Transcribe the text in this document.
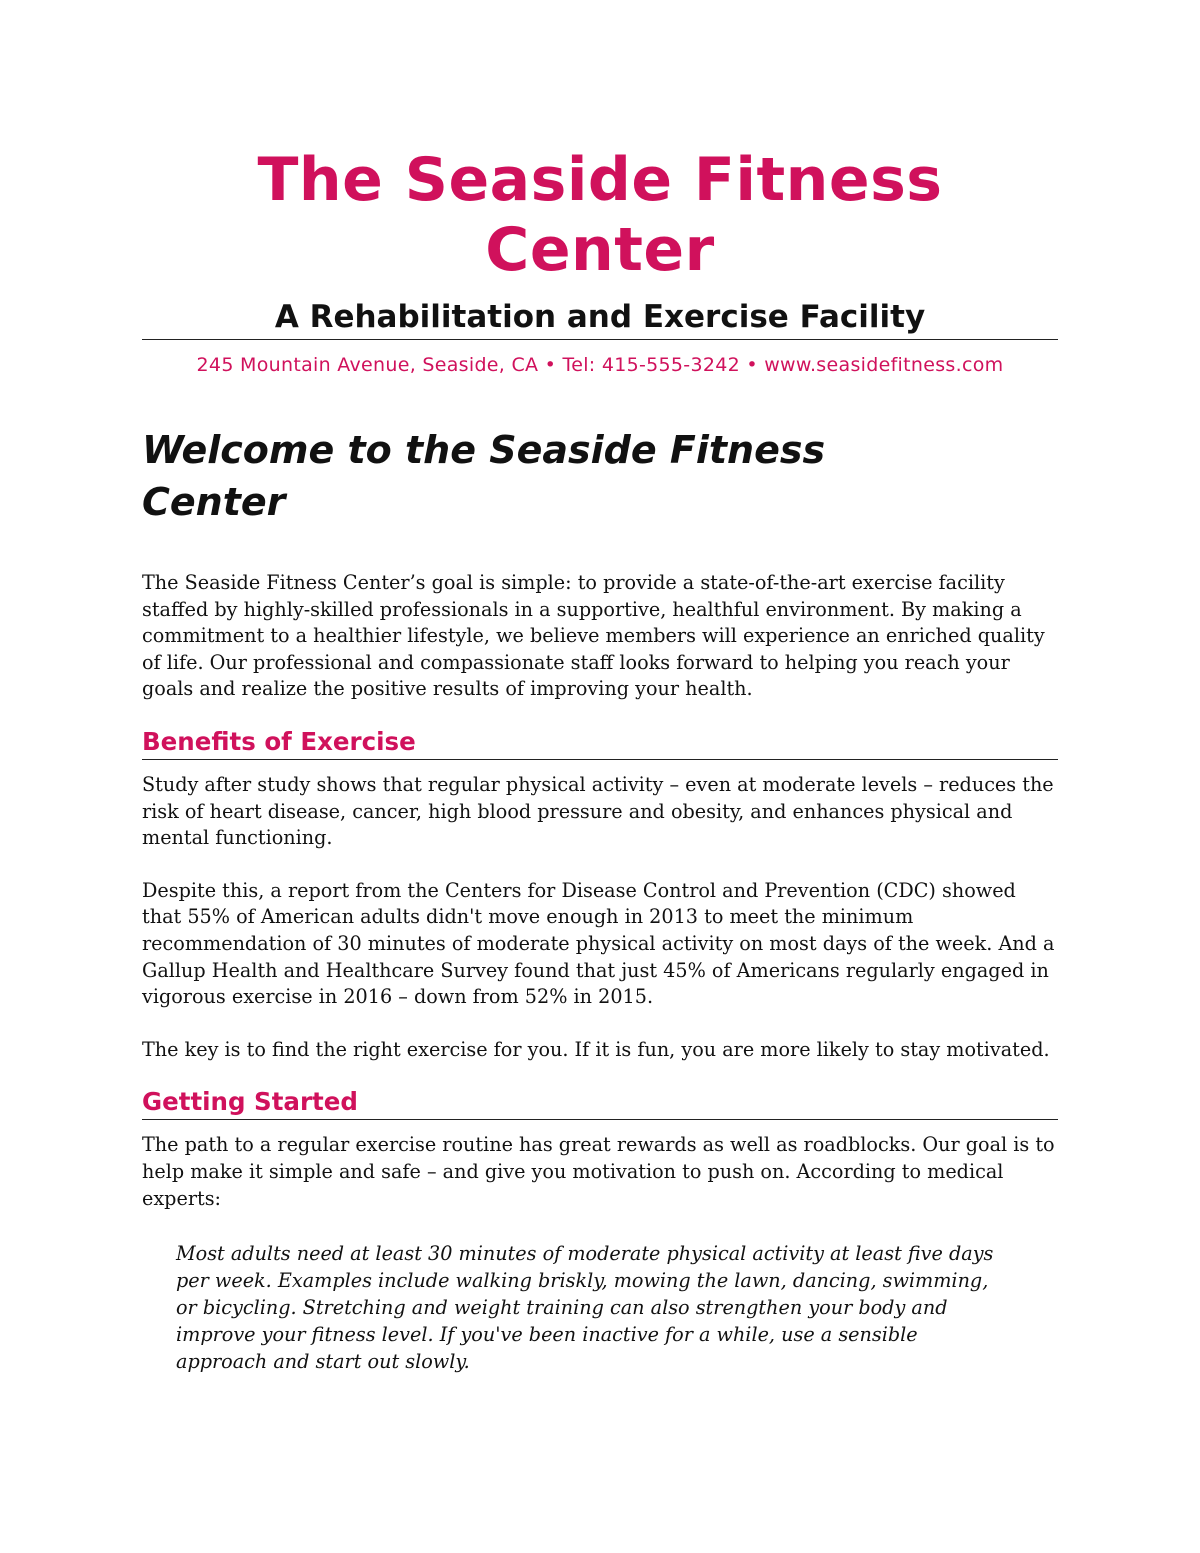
The Seaside Fitness Center
A Rehabilitation and Exercise Facility
245 Mountain Avenue, Seaside, CA • Tel: 415-555-3242 • www.seasidefitness.com
Welcome to the Seaside Fitness Center

The Seaside Fitness Center’s goal is simple: to provide a state-of-the-art exercise facility staffed by highly-skilled professionals in a supportive, healthful environment. By making a commitment to a healthier lifestyle, we believe members will experience an enriched quality of life. Our professional and compassionate staff looks forward to helping you reach your goals and realize the positive results of improving your health.

Benefits of Exercise

Study after study shows that regular physical activity – even at moderate levels – reduces the risk of heart disease, cancer, high blood pressure and obesity, and enhances physical and mental functioning.

Despite this, a report from the Centers for Disease Control and Prevention (CDC) showed that 55% of American adults didn't move enough in 2013 to meet the minimum recommendation of 30 minutes of moderate physical activity on most days of the week. And a Gallup Health and Healthcare Survey found that just 45% of Americans regularly engaged in vigorous exercise in 2016 – down from 52% in 2015.

The key is to find the right exercise for you. If it is fun, you are more likely to stay motivated.

Getting Started

The path to a regular exercise routine has great rewards as well as roadblocks. Our goal is to help make it simple and safe – and give you motivation to push on. According to medical experts:

Most adults need at least 30 minutes of moderate physical activity at least five days per week. Examples include walking briskly, mowing the lawn, dancing, swimming, or bicycling. Stretching and weight training can also strengthen your body and improve your fitness level. If you've been inactive for a while, use a sensible approach and start out slowly.
